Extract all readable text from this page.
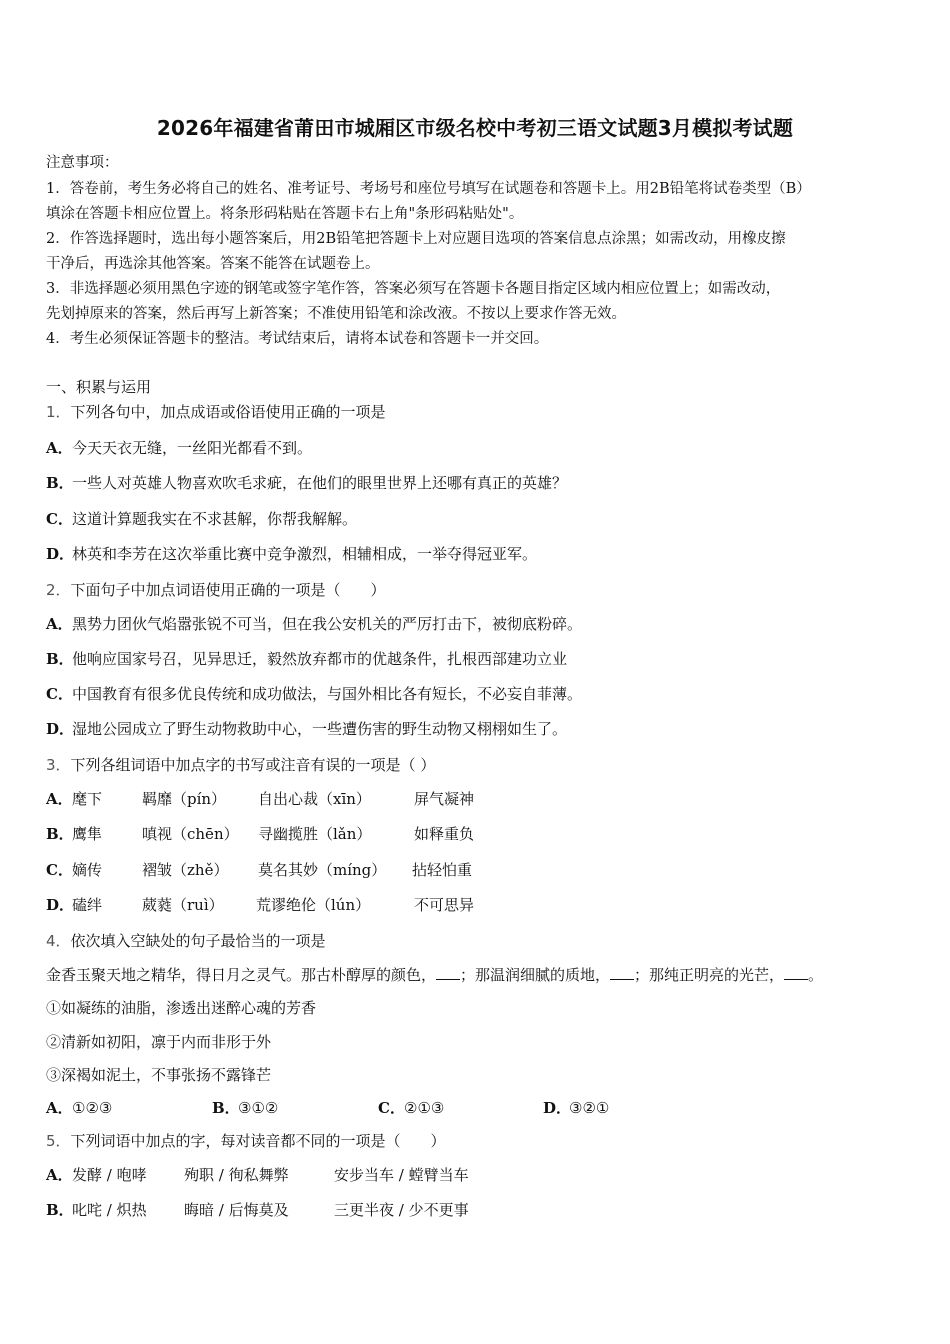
2026年福建省莆田市城厢区市级名校中考初三语文试题3月模拟考试题
注意事项：
1．答卷前，考生务必将自己的姓名、准考证号、考场号和座位号填写在试题卷和答题卡上。用2B铅笔将试卷类型（B）
填涂在答题卡相应位置上。将条形码粘贴在答题卡右上角"条形码粘贴处"。
2．作答选择题时，选出每小题答案后，用2B铅笔把答题卡上对应题目选项的答案信息点涂黑；如需改动，用橡皮擦
干净后，再选涂其他答案。答案不能答在试题卷上。
3．非选择题必须用黑色字迹的钢笔或签字笔作答，答案必须写在答题卡各题目指定区域内相应位置上；如需改动，
先划掉原来的答案，然后再写上新答案；不准使用铅笔和涂改液。不按以上要求作答无效。
4．考生必须保证答题卡的整洁。考试结束后，请将本试卷和答题卡一并交回。
一、积累与运用
1．下列各句中，加点成语或俗语使用正确的一项是
A．今天天衣无缝，一丝阳光都看不到。
B．一些人对英雄人物喜欢吹毛求疵，在他们的眼里世界上还哪有真正的英雄？
C．这道计算题我实在不求甚解，你帮我解解。
D．林英和李芳在这次举重比赛中竞争激烈，相辅相成，一举夺得冠亚军。
2．下面句子中加点词语使用正确的一项是（　　）
A．黑势力团伙气焰嚣张锐不可当，但在我公安机关的严厉打击下，被彻底粉碎。
B．他响应国家号召，见异思迁，毅然放弃都市的优越条件，扎根西部建功立业
C．中国教育有很多优良传统和成功做法，与国外相比各有短长，不必妄自菲薄。
D．湿地公园成立了野生动物救助中心，一些遭伤害的野生动物又栩栩如生了。
3．下列各组词语中加点字的书写或注音有误的一项是（ ）
A．麾下	羁靡（pín） 自出心裁（xīn）	屏气凝神
B．鹰隼	嗔视（chēn） 寻幽揽胜（lǎn）	如释重负
C．嫡传	褶皱（zhě） 莫名其妙（míng） 拈轻怕重
D．磕绊	葳蕤（ruì） 荒谬绝伦（lún）	不可思异
4．依次填入空缺处的句子最恰当的一项是
金香玉聚天地之精华，得日月之灵气。那古朴醇厚的颜色， ；那温润细腻的质地， ；那纯正明亮的光芒， 。
①如凝练的油脂，渗透出迷醉心魂的芳香
②清新如初阳，凛于内而非形于外
③深褐如泥土，不事张扬不露锋芒
A．①②③	B．③①②	C．②①③	D．③②①
5．下列词语中加点的字，每对读音都不同的一项是（　　）
A．发酵 / 咆哮 殉职 / 徇私舞弊	安步当车 / 螳臂当车
B．叱咤 / 炽热 晦暗 / 后悔莫及	三更半夜 / 少不更事
